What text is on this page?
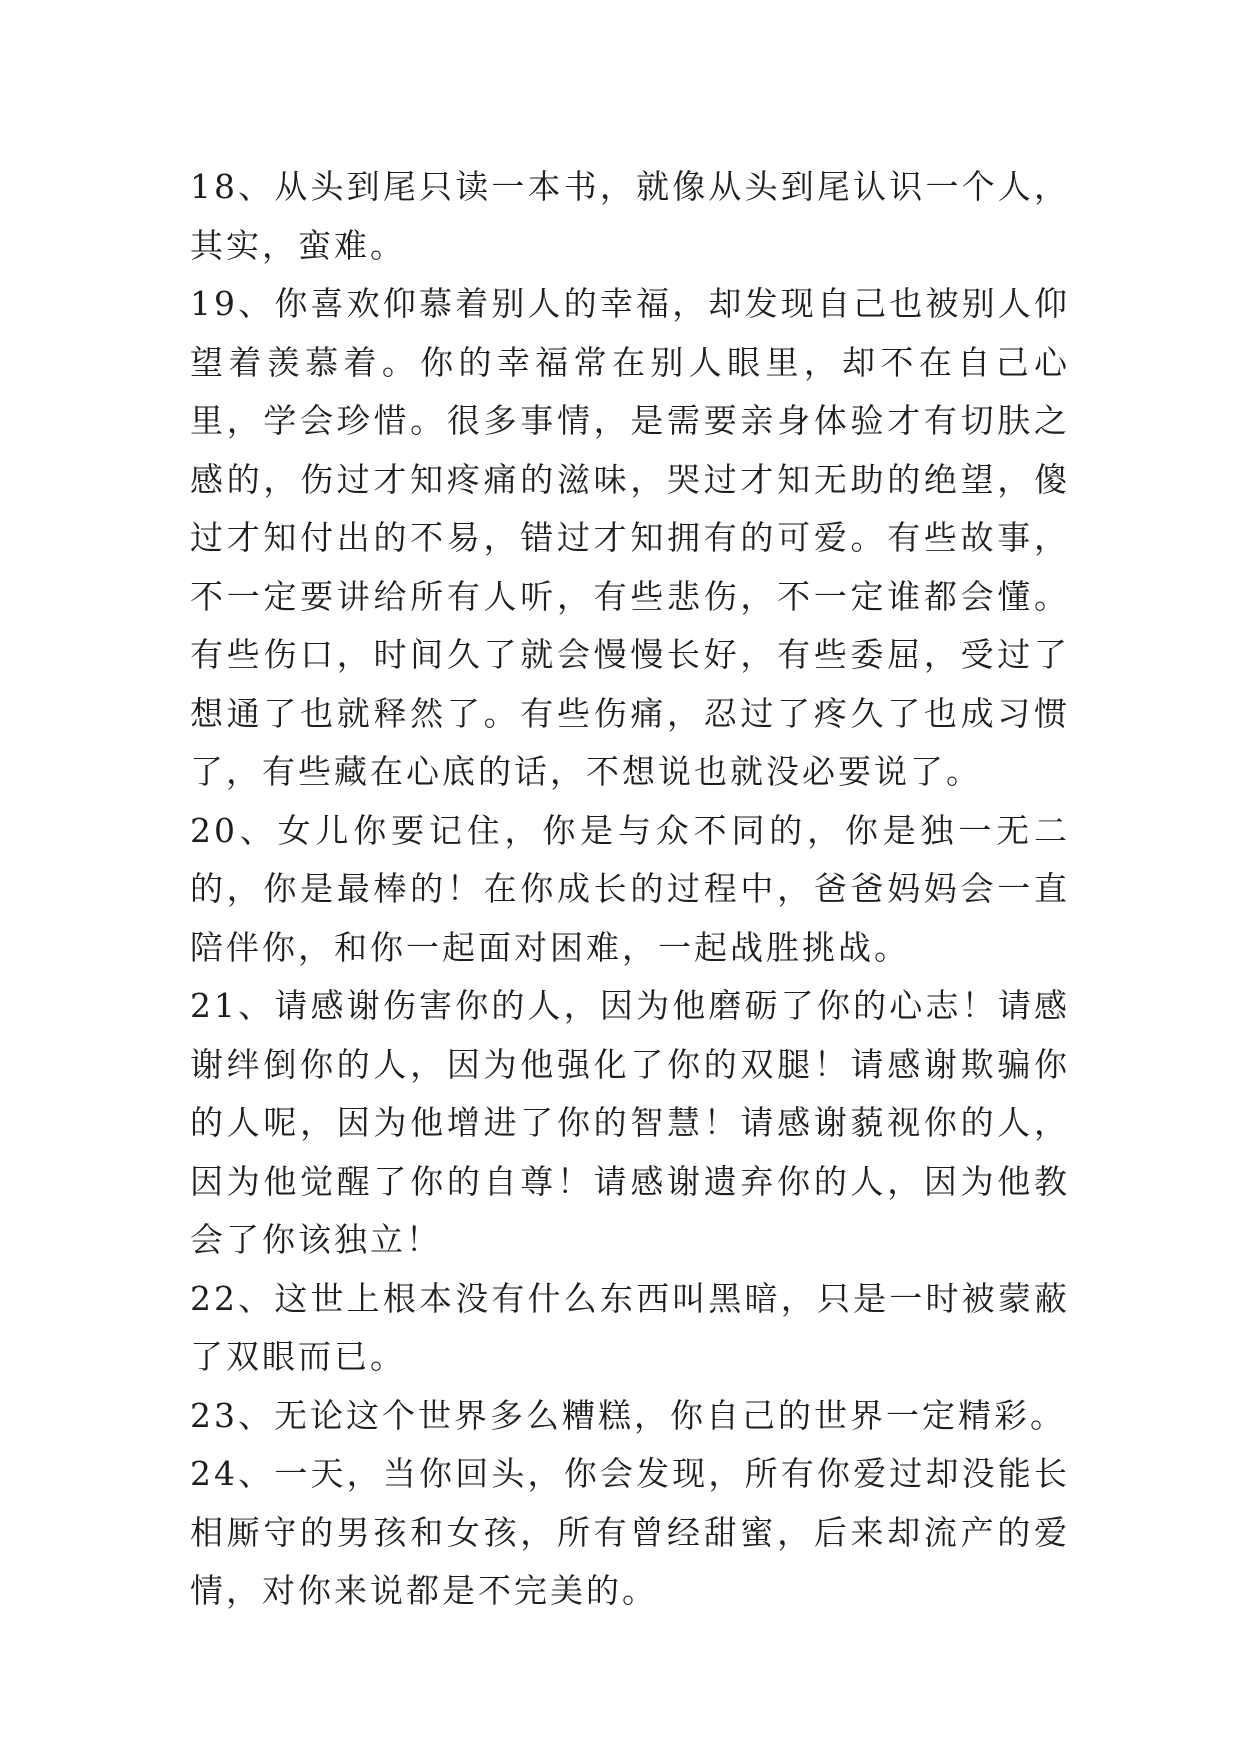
18、从头到尾只读一本书，就像从头到尾认识一个人，其实，蛮难。

19、你喜欢仰慕着别人的幸福，却发现自己也被别人仰望着羡慕着。你的幸福常在别人眼里，却不在自己心里，学会珍惜。很多事情，是需要亲身体验才有切肤之感的，伤过才知疼痛的滋味，哭过才知无助的绝望，傻过才知付出的不易，错过才知拥有的可爱。有些故事，不一定要讲给所有人听，有些悲伤，不一定谁都会懂。有些伤口，时间久了就会慢慢长好，有些委屈，受过了想通了也就释然了。有些伤痛，忍过了疼久了也成习惯了，有些藏在心底的话，不想说也就没必要说了。

20、女儿你要记住，你是与众不同的，你是独一无二的，你是最棒的！在你成长的过程中，爸爸妈妈会一直陪伴你，和你一起面对困难，一起战胜挑战。

21、请感谢伤害你的人，因为他磨砺了你的心志！请感谢绊倒你的人，因为他强化了你的双腿！请感谢欺骗你的人呢，因为他增进了你的智慧！请感谢藐视你的人，因为他觉醒了你的自尊！请感谢遗弃你的人，因为他教会了你该独立！

22、这世上根本没有什么东西叫黑暗，只是一时被蒙蔽了双眼而已。

23、无论这个世界多么糟糕，你自己的世界一定精彩。

24、一天，当你回头，你会发现，所有你爱过却没能长相厮守的男孩和女孩，所有曾经甜蜜，后来却流产的爱情，对你来说都是不完美的。
